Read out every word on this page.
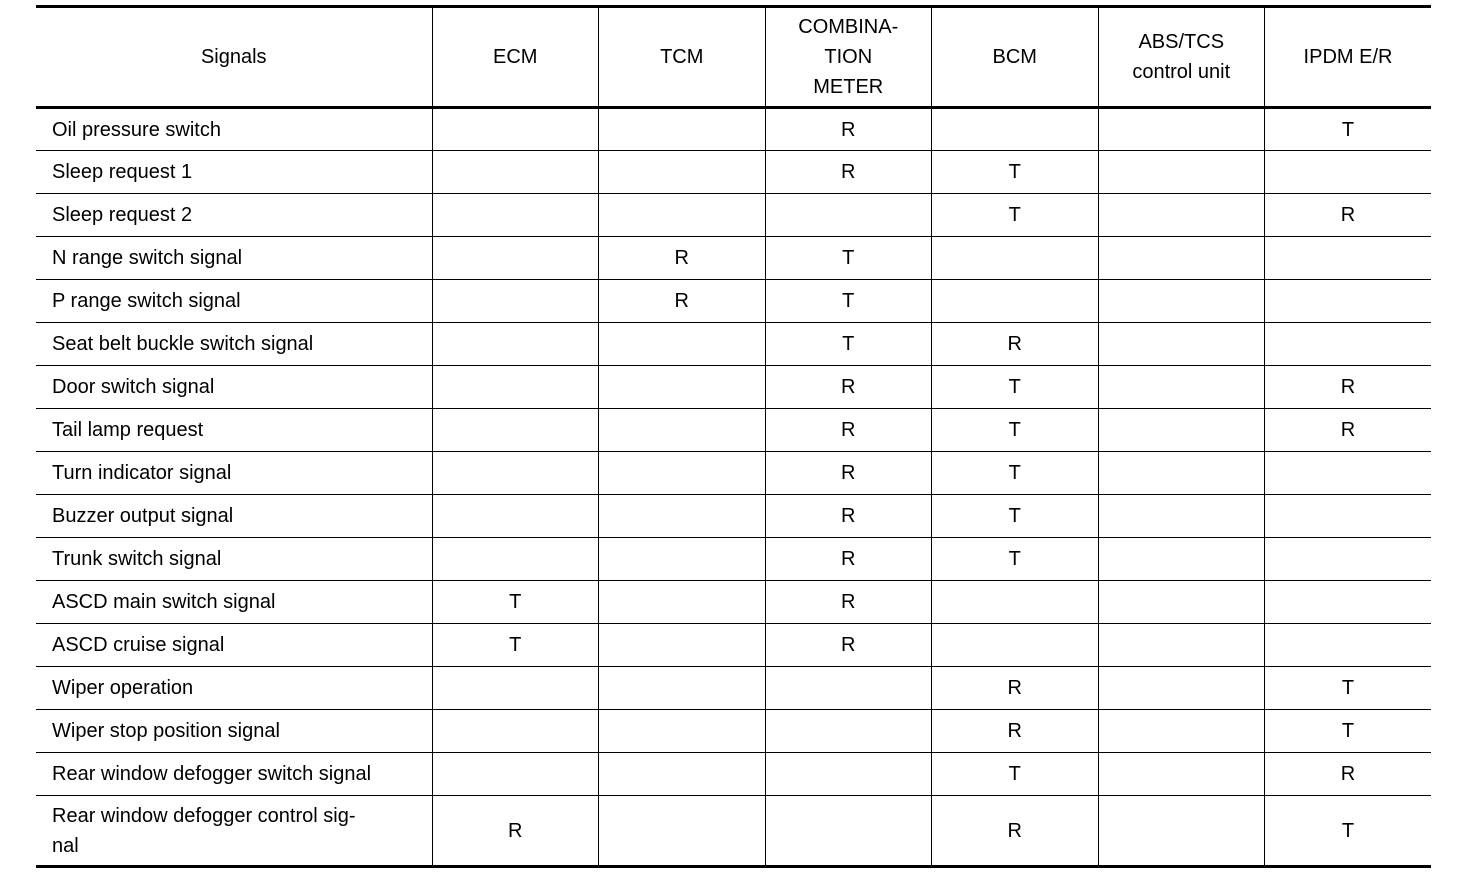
Signals	ECM	TCM	COMBINA-
TION
METER	BCM	ABS/TCS
control unit	IPDM E/R
Oil pressure switch			R			T
Sleep request 1			R	T		
Sleep request 2				T		R
N range switch signal		R	T			
P range switch signal		R	T			
Seat belt buckle switch signal			T	R		
Door switch signal			R	T		R
Tail lamp request			R	T		R
Turn indicator signal			R	T		
Buzzer output signal			R	T		
Trunk switch signal			R	T		
ASCD main switch signal	T		R			
ASCD cruise signal	T		R			
Wiper operation				R		T
Wiper stop position signal				R		T
Rear window defogger switch signal				T		R
Rear window defogger control sig-
nal	R			R		T
